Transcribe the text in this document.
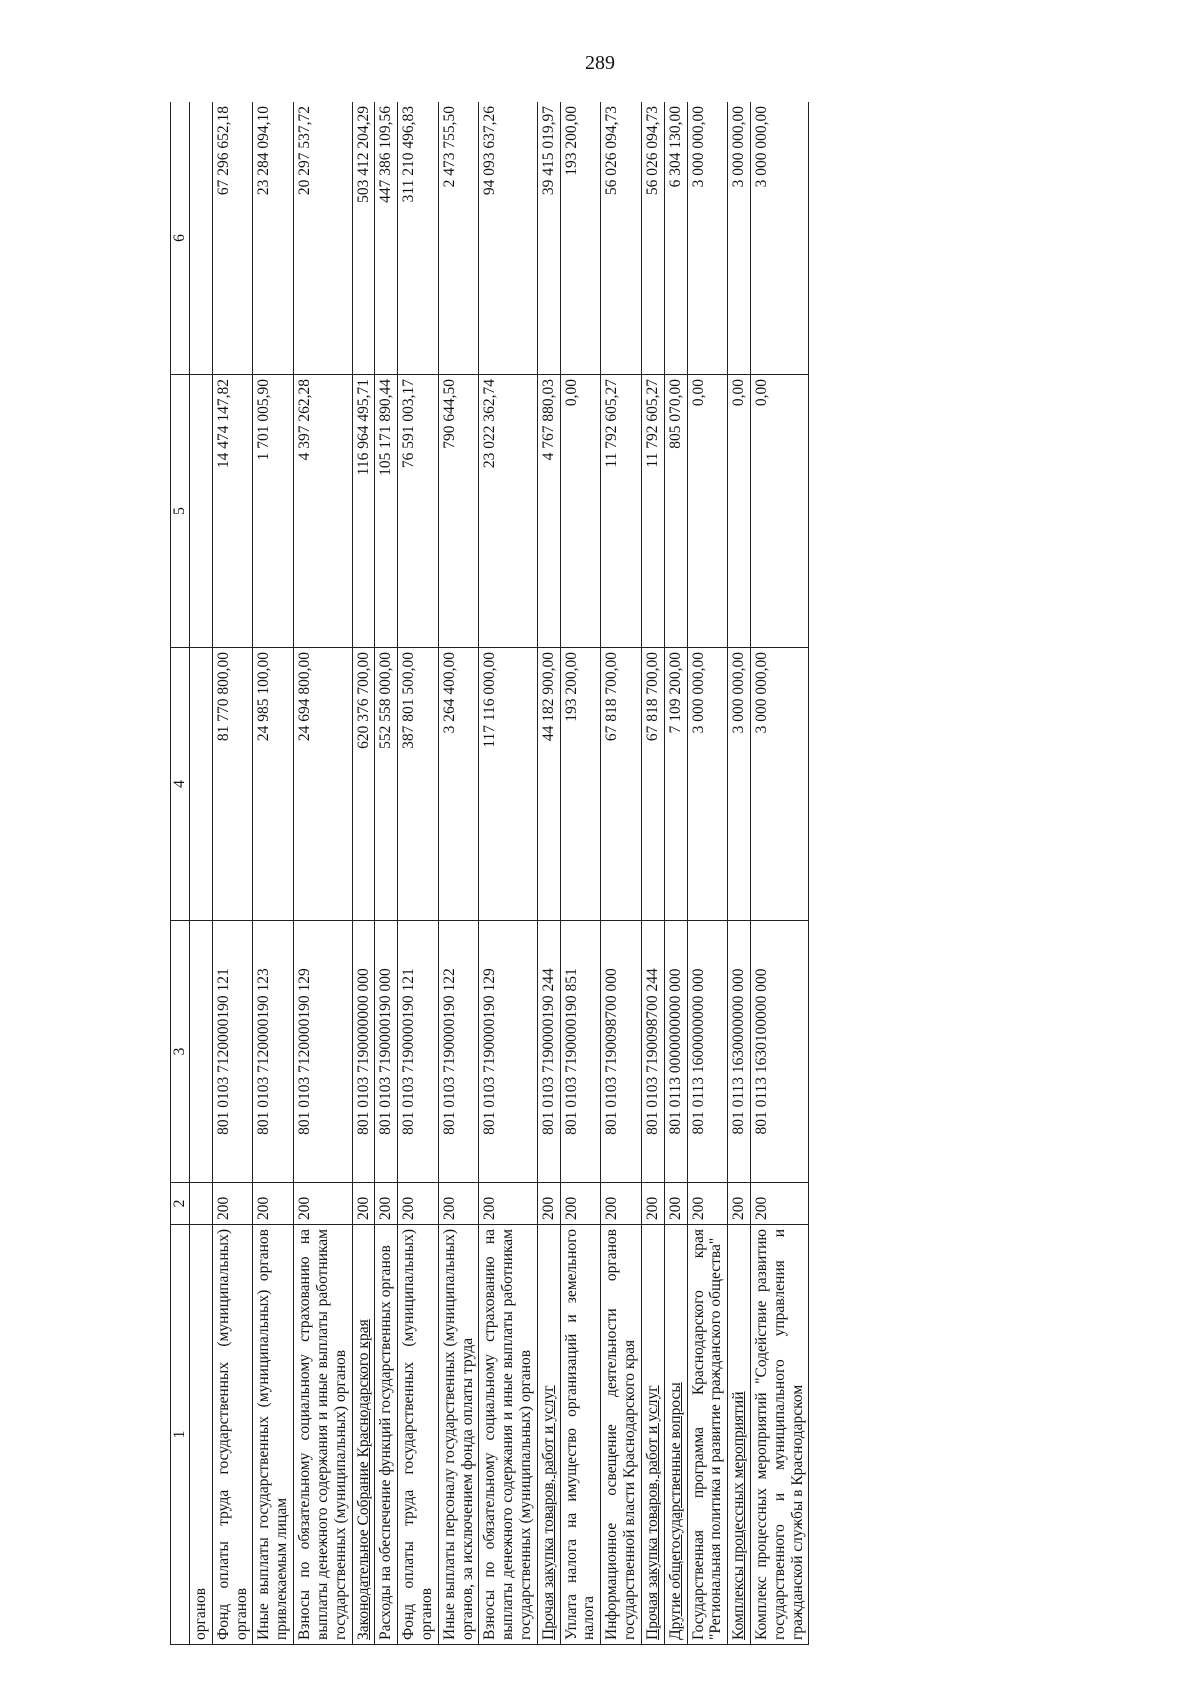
289
1	2	3	4	5	6
органов					
Фонд оплаты труда государственных (муниципальных) органов	200	801 0103 7120000190 121	81 770 800,00	14 474 147,82	67 296 652,18
Иные выплаты государственных (муниципальных) органов привлекаемым лицам	200	801 0103 7120000190 123	24 985 100,00	1 701 005,90	23 284 094,10
Взносы по обязательному социальному страхованию на выплаты денежного содержания и иные выплаты работникам государственных (муниципальных) органов	200	801 0103 7120000190 129	24 694 800,00	4 397 262,28	20 297 537,72
Законодательное Собрание Краснодарского края	200	801 0103 7190000000 000	620 376 700,00	116 964 495,71	503 412 204,29
Расходы на обеспечение функций государственных органов	200	801 0103 7190000190 000	552 558 000,00	105 171 890,44	447 386 109,56
Фонд оплаты труда государственных (муниципальных) органов	200	801 0103 7190000190 121	387 801 500,00	76 591 003,17	311 210 496,83
Иные выплаты персоналу государственных (муниципальных) органов, за исключением фонда оплаты труда	200	801 0103 7190000190 122	3 264 400,00	790 644,50	2 473 755,50
Взносы по обязательному социальному страхованию на выплаты денежного содержания и иные выплаты работникам государственных (муниципальных) органов	200	801 0103 7190000190 129	117 116 000,00	23 022 362,74	94 093 637,26
Прочая закупка товаров, работ и услуг	200	801 0103 7190000190 244	44 182 900,00	4 767 880,03	39 415 019,97
Уплата налога на имущество организаций и земельного налога	200	801 0103 7190000190 851	193 200,00	0,00	193 200,00
Информационное освещение деятельности органов государственной власти Краснодарского края	200	801 0103 7190098700 000	67 818 700,00	11 792 605,27	56 026 094,73
Прочая закупка товаров, работ и услуг	200	801 0103 7190098700 244	67 818 700,00	11 792 605,27	56 026 094,73
Другие общегосударственные вопросы	200	801 0113 0000000000 000	7 109 200,00	805 070,00	6 304 130,00
Государственная программа Краснодарского края "Региональная политика и развитие гражданского общества"	200	801 0113 1600000000 000	3 000 000,00	0,00	3 000 000,00
Комплексы процессных мероприятий	200	801 0113 1630000000 000	3 000 000,00	0,00	3 000 000,00
Комплекс процессных мероприятий "Содействие развитию государственного и муниципального управления и гражданской службы в Краснодарском	200	801 0113 1630100000 000	3 000 000,00	0,00	3 000 000,00
